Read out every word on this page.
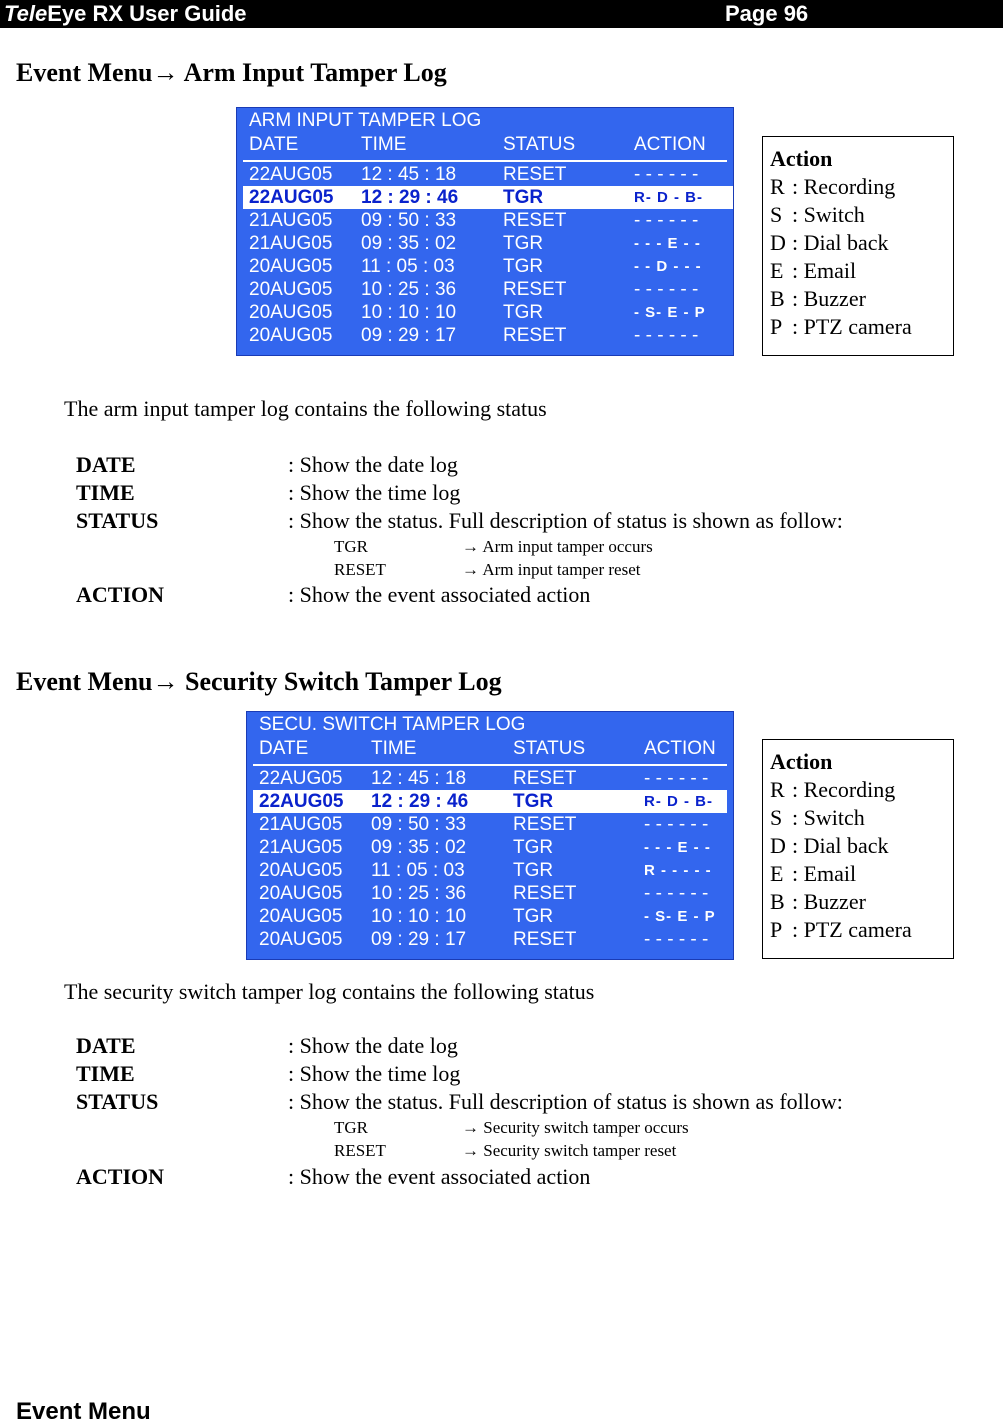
TeleEye RX User Guide	Page 96
Event Menu→ Arm Input Tamper Log
ARM INPUT TAMPER LOG
DATE	TIME	STATUS	ACTION
22AUG05 12 : 45 : 18 RESET	- - - - - -
22AUG05 12 : 29 : 46 TGR	R- D - B-
21AUG05 09 : 50 : 33 RESET	- - - - - -
21AUG05 09 : 35 : 02 TGR	- - - E - -
20AUG05 11 : 05 : 03	TGR	- - D - - -
20AUG05 10 : 25 : 36 RESET	- - - - - -
20AUG05 10 : 10 : 10 TGR	- S- E - P
20AUG05 09 : 29 : 17 RESET	- - - - - -
Action
R : Recording
S : Switch
D : Dial back
E : Email
B : Buzzer
P : PTZ camera
The arm input tamper log contains the following status
DATE	: Show the date log
TIME	: Show the time log
STATUS	: Show the status. Full description of status is shown as follow:
TGR	→ Arm input tamper occurs
RESET	→ Arm input tamper reset
ACTION	: Show the event associated action
Event Menu→ Security Switch Tamper Log
SECU. SWITCH TAMPER LOG
DATE	TIME	STATUS	ACTION
22AUG05 12 : 45 : 18 RESET	- - - - - -
22AUG05 12 : 29 : 46 TGR	R- D - B-
21AUG05 09 : 50 : 33 RESET	- - - - - -
21AUG05 09 : 35 : 02 TGR	- - - E - -
20AUG05 11 : 05 : 03	TGR	R - - - - -
20AUG05 10 : 25 : 36 RESET	- - - - - -
20AUG05 10 : 10 : 10 TGR	- S- E - P
20AUG05 09 : 29 : 17 RESET	- - - - - -
Action
R : Recording
S : Switch
D : Dial back
E : Email
B : Buzzer
P : PTZ camera
The security switch tamper log contains the following status
DATE	: Show the date log
TIME	: Show the time log
STATUS	: Show the status. Full description of status is shown as follow:
TGR	→ Security switch tamper occurs
RESET	→ Security switch tamper reset
ACTION	: Show the event associated action
Event Menu
